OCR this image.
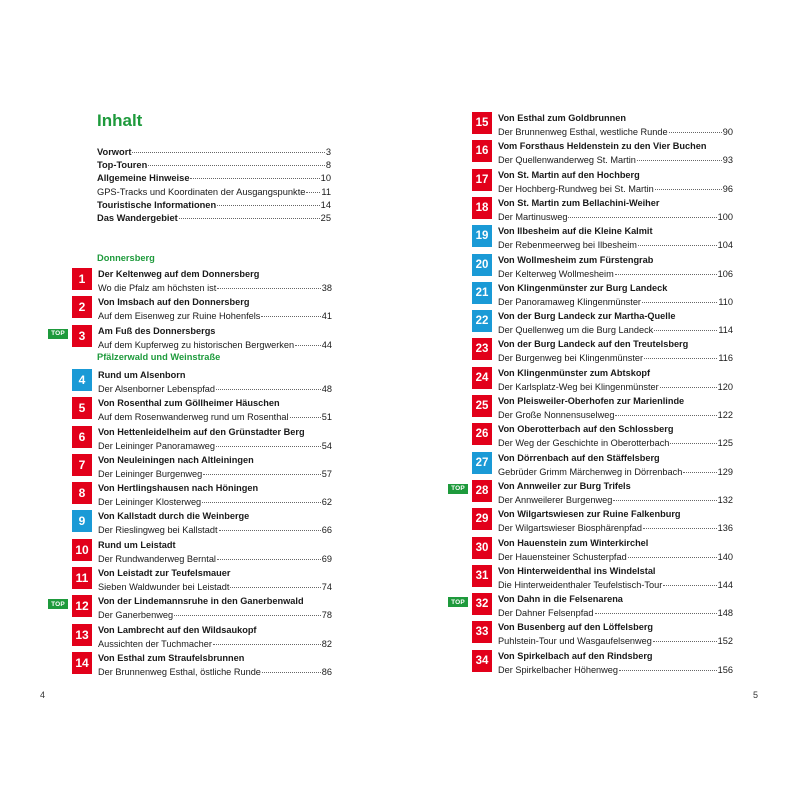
Inhalt
Vorwort	3
Top-Touren	8
Allgemeine Hinweise	10
GPS-Tracks und Koordinaten der Ausgangspunkte 11
Touristische Informationen	14
Das Wandergebiet	25
Donnersberg
Pfälzerwald und Weinstraße
1	Der Keltenweg auf dem Donnersberg
Wo die Pfalz am höchsten ist	38
2	Von Imsbach auf den Donnersberg
Auf dem Eisenweg zur Ruine Hohenfels	41
TOP	3	Am Fuß des Donnersbergs
Auf dem Kupferweg zu historischen Bergwerken	44
4	Rund um Alsenborn
Der Alsenborner Lebenspfad	48
5	Von Rosenthal zum Göllheimer Häuschen
Auf dem Rosenwanderweg rund um Rosenthal	51
6	Von Hettenleidelheim auf den Grünstadter Berg
Der Leininger Panoramaweg	54
7	Von Neuleiningen nach Altleiningen
Der Leininger Burgenweg	57
8	Von Hertlingshausen nach Höningen
Der Leininger Klosterweg	62
9	Von Kallstadt durch die Weinberge
Der Rieslingweg bei Kallstadt	66
10	Rund um Leistadt
Der Rundwanderweg Berntal	69
11	Von Leistadt zur Teufelsmauer
Sieben Waldwunder bei Leistadt	74
TOP 12	Von der Lindemannsruhe in den Ganerbenwald
Der Ganerbenweg	78
13	Von Lambrecht auf den Wildsaukopf
Aussichten der Tuchmacher	82
14	Von Esthal zum Straufelsbrunnen
Der Brunnenweg Esthal, östliche Runde	86

4

15	Von Esthal zum Goldbrunnen
Der Brunnenweg Esthal, westliche Runde	90
16	Vom Forsthaus Heldenstein zu den Vier Buchen
Der Quellenwanderweg St. Martin	93
17	Von St. Martin auf den Hochberg
Der Hochberg-Rundweg bei St. Martin	96
18	Von St. Martin zum Bellachini-Weiher
Der Martinusweg	100
19	Von Ilbesheim auf die Kleine Kalmit
Der Rebenmeerweg bei Ilbesheim	104
20	Von Wollmesheim zum Fürstengrab
Der Kelterweg Wollmesheim	106
21	Von Klingenmünster zur Burg Landeck
Der Panoramaweg Klingenmünster	110
22	Von der Burg Landeck zur Martha-Quelle
Der Quellenweg um die Burg Landeck	114
23	Von der Burg Landeck auf den Treutelsberg
Der Burgenweg bei Klingenmünster	116
24	Von Klingenmünster zum Abtskopf
Der Karlsplatz-Weg bei Klingenmünster	120
25	Von Pleisweiler-Oberhofen zur Marienlinde
Der Große Nonnensuselweg	122
26	Von Oberotterbach auf den Schlossberg
Der Weg der Geschichte in Oberotterbach	125
27	Von Dörrenbach auf den Stäffelsberg
Gebrüder Grimm Märchenweg in Dörrenbach	129
TOP 28	Von Annweiler zur Burg Trifels
Der Annweilerer Burgenweg	132
29	Von Wilgartswiesen zur Ruine Falkenburg
Der Wilgartswieser Biosphärenpfad	136
30	Von Hauenstein zum Winterkirchel
Der Hauensteiner Schusterpfad	140
31	Von Hinterweidenthal ins Windelstal
Die Hinterweidenthaler Teufelstisch-Tour	144
TOP 32	Von Dahn in die Felsenarena
Der Dahner Felsenpfad	148
33	Von Busenberg auf den Löffelsberg
Puhlstein-Tour und Wasgaufelsenweg	152
34	Von Spirkelbach auf den Rindsberg
Der Spirkelbacher Höhenweg	156

5
